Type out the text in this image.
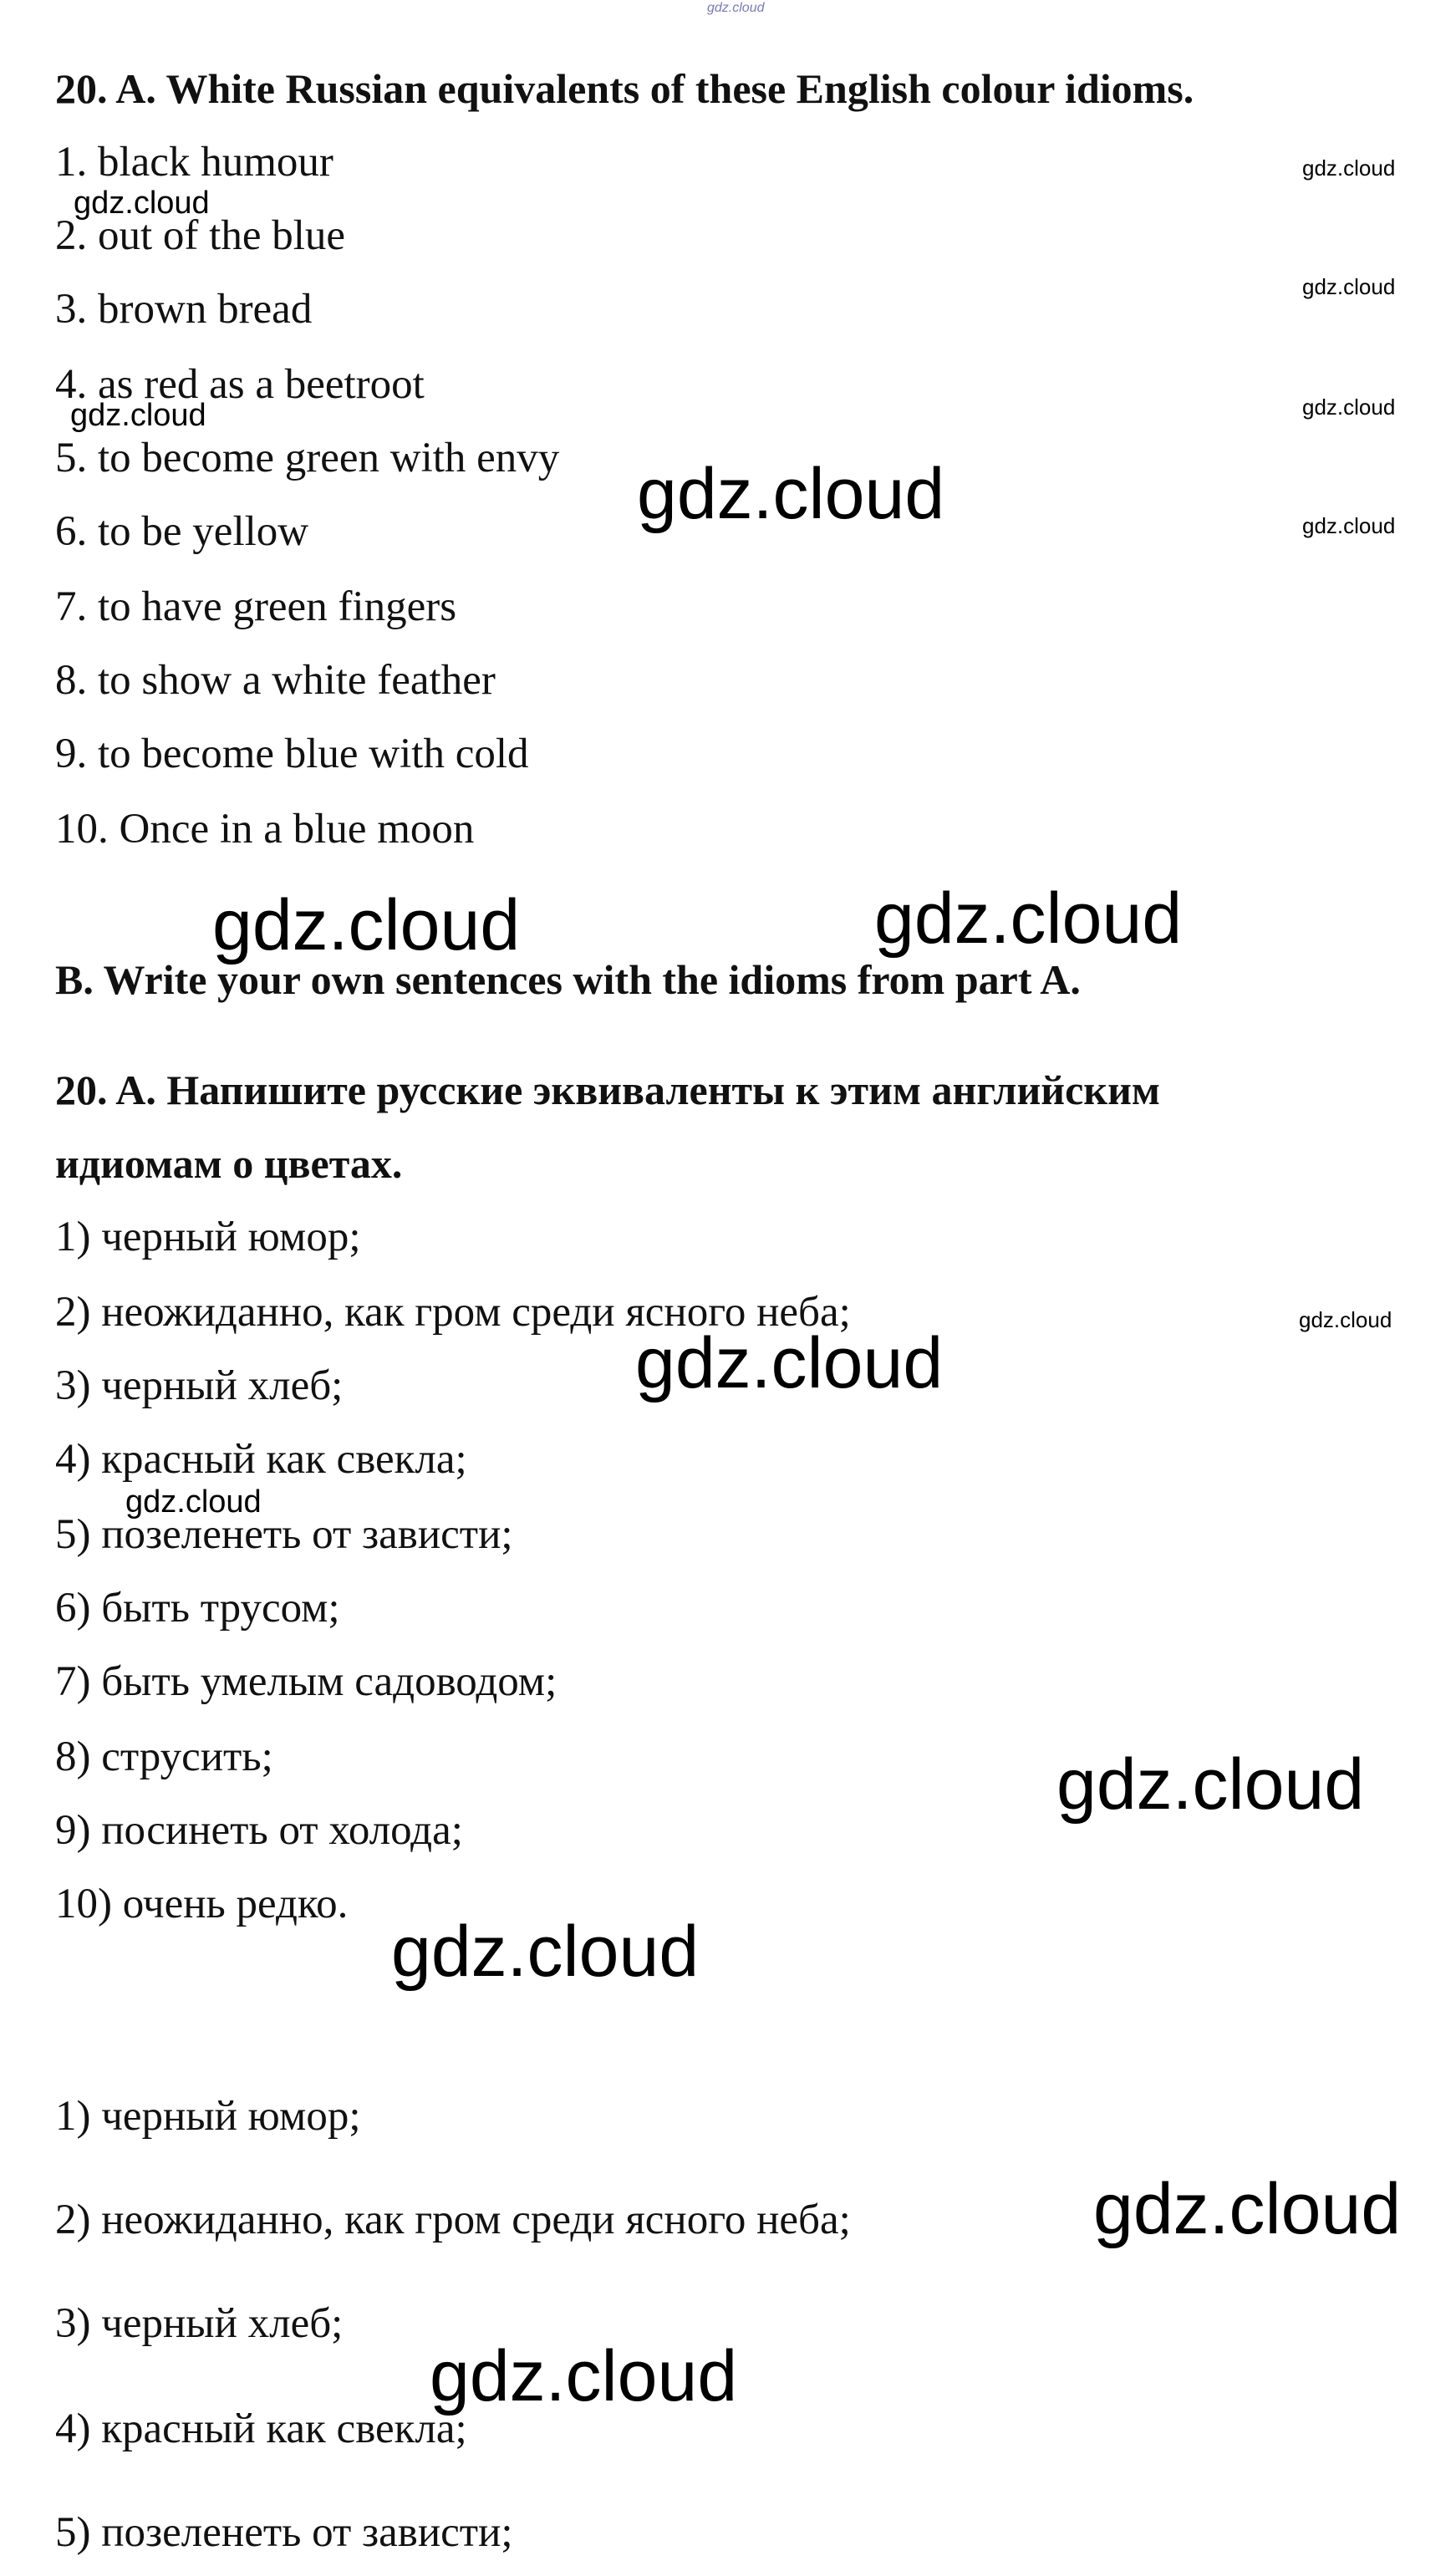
gdz.cloud

20. A. White Russian equivalents of these English colour idioms.

1. black humour

2. out of the blue

3. brown bread

4. as red as a beetroot

5. to become green with envy

6. to be yellow

7. to have green fingers

8. to show a white feather

9. to become blue with cold

10. Once in a blue moon

B. Write your own sentences with the idioms from part A.

20. A. Напишите русские эквиваленты к этим английским

идиомам о цветах.

1) черный юмор;

2) неожиданно, как гром среди ясного неба;

3) черный хлеб;

4) красный как свекла;

5) позеленеть от зависти;

6) быть трусом;

7) быть умелым садоводом;

8) струсить;

9) посинеть от холода;

10) очень редко.

1) черный юмор;

2) неожиданно, как гром среди ясного неба;

3) черный хлеб;

4) красный как свекла;

5) позеленеть от зависти;

gdz.cloud
gdz.cloud
gdz.cloud
gdz.cloud
gdz.cloud
gdz.cloud	gdz.cloud
gdz.cloud	gdz.cloud
gdz.cloud
gdz.cloud
gdz.cloud
gdz.cloud
gdz.cloud
gdz.cloud
gdz.cloud
